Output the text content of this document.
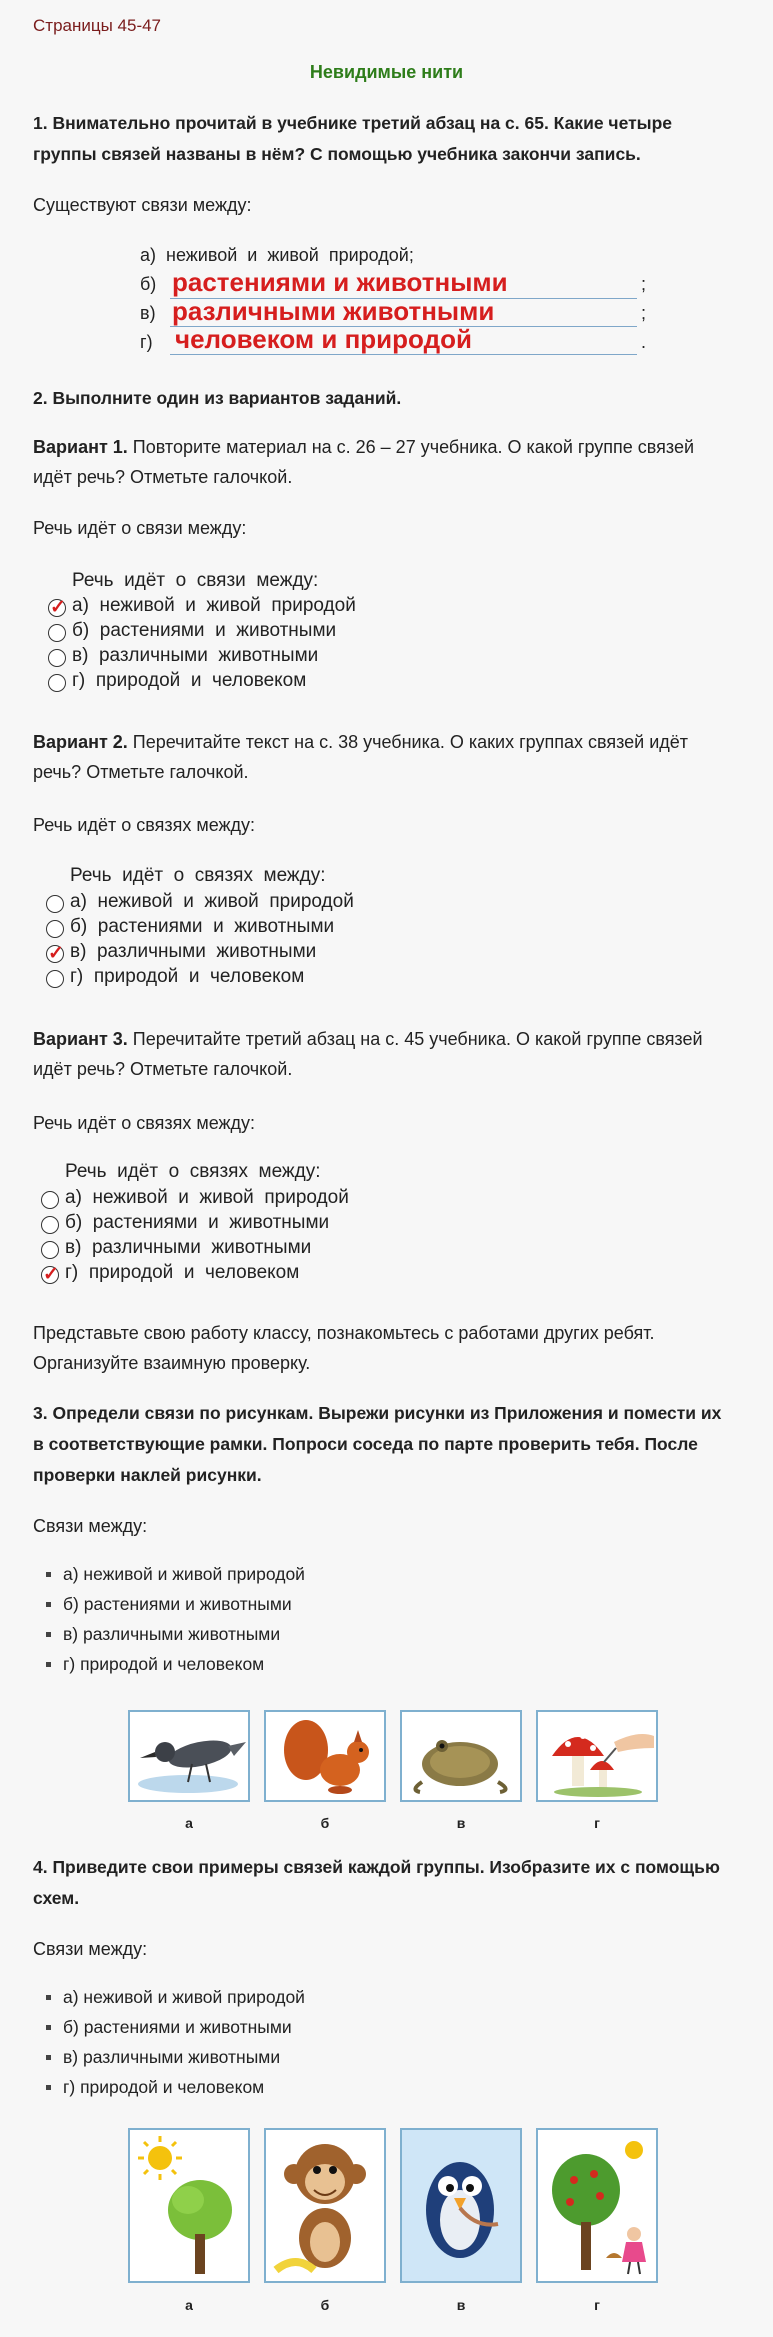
Страницы 45-47
Невидимые нити
1. Внимательно прочитай в учебнике третий абзац на с. 65. Какие четыре группы связей названы в нём? С помощью учебника закончи запись.
Существуют связи между:
а)  неживой  и  живой  природой;
б) растениями и животными	;
в) различными животными	;
г) человеком и природой	.
2. Выполните один из вариантов заданий.
Вариант 1. Повторите материал на с. 26 – 27 учебника. О какой группе связей идёт речь? Отметьте галочкой.
Речь идёт о связи между:
Речь  идёт  о  связи  между:
✓ а)  неживой  и  живой  природой
б)  растениями  и  животными
в)  различными  животными
г)  природой  и  человеком
Вариант 2. Перечитайте текст на с. 38 учебника. О каких группах связей идёт речь? Отметьте галочкой.
Речь идёт о связях между:
Речь  идёт  о  связях  между:
а)  неживой  и  живой  природой
б)  растениями  и  животными
✓ в)  различными  животными
г)  природой  и  человеком
Вариант 3. Перечитайте третий абзац на с. 45 учебника. О какой группе связей идёт речь? Отметьте галочкой.
Речь идёт о связях между:
Речь  идёт  о  связях  между:
а)  неживой  и  живой  природой
б)  растениями  и  животными
в)  различными  животными
✓ г)  природой  и  человеком
Представьте свою работу классу, познакомьтесь с работами других ребят. Организуйте взаимную проверку.
3. Определи связи по рисункам. Вырежи рисунки из Приложения и помести их в соответствующие рамки. Попроси соседа по парте проверить тебя. После проверки наклей рисунки.
Связи между:
а) неживой и живой природой
б) растениями и животными
в) различными животными
г) природой и человеком
а	б	в	г
4. Приведите свои примеры связей каждой группы. Изобразите их с помощью схем.
Связи между:
а) неживой и живой природой
б) растениями и животными
в) различными животными
г) природой и человеком
а	б	в	г
